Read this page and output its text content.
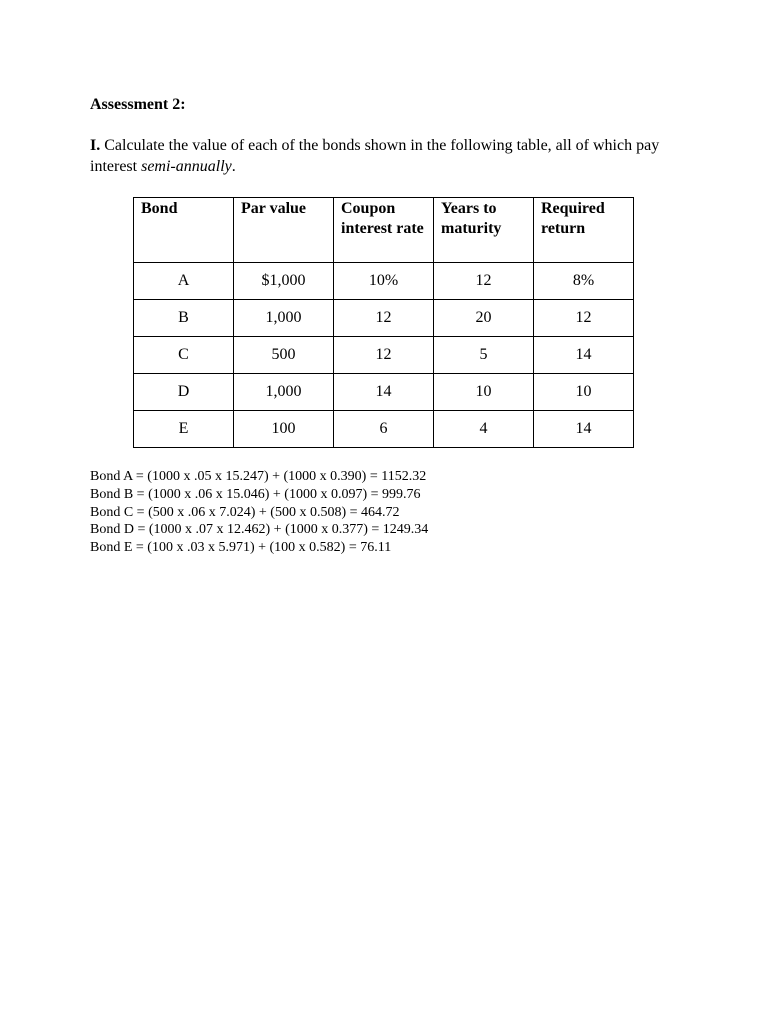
Assessment 2:

I. Calculate the value of each of the bonds shown in the following table, all of which pay interest semi-annually.

Bond	Par value	Coupon interest rate	Years to maturity	Required return
A	$1,000	10%	12	8%
B	1,000	12	20	12
C	500	12	5	14
D	1,000	14	10	10
E	100	6	4	14
Bond A = (1000 x .05 x 15.247) + (1000 x 0.390) = 1152.32
Bond B = (1000 x .06 x 15.046) + (1000 x 0.097) = 999.76
Bond C = (500 x .06 x 7.024) + (500 x 0.508) = 464.72
Bond D = (1000 x .07 x 12.462) + (1000 x 0.377) = 1249.34
Bond E = (100 x .03 x 5.971) + (100 x 0.582) = 76.11
